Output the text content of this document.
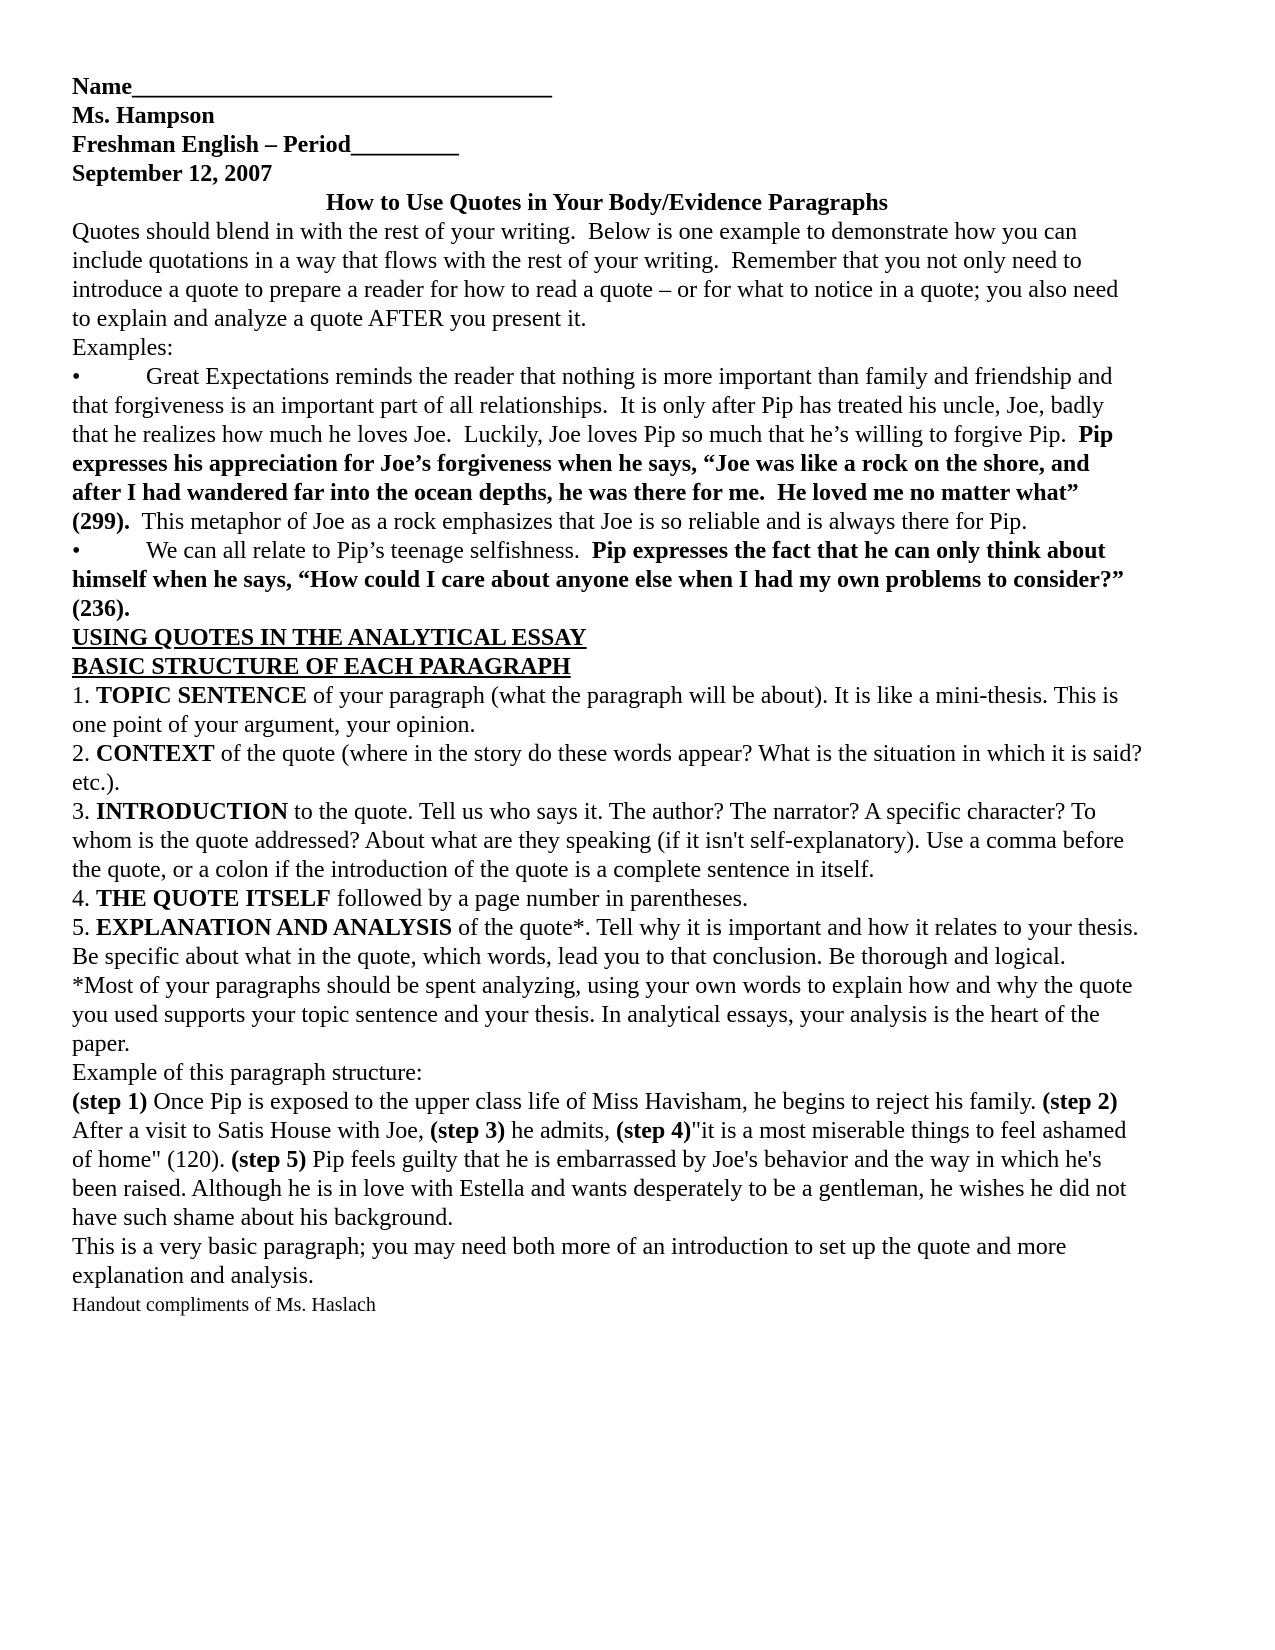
Name___________________________________

Ms. Hampson

Freshman English – Period_________

September 12, 2007

How to Use Quotes in Your Body/Evidence Paragraphs

Quotes should blend in with the rest of your writing.  Below is one example to demonstrate how you can include quotations in a way that flows with the rest of your writing.  Remember that you not only need to introduce a quote to prepare a reader for how to read a quote – or for what to notice in a quote; you also need to explain and analyze a quote AFTER you present it.

Examples:

•	Great Expectations reminds the reader that nothing is more important than family and friendship and that forgiveness is an important part of all relationships.  It is only after Pip has treated his uncle, Joe, badly that he realizes how much he loves Joe.  Luckily, Joe loves Pip so much that he’s willing to forgive Pip.  Pip expresses his appreciation for Joe’s forgiveness when he says, “Joe was like a rock on the shore, and after I had wandered far into the ocean depths, he was there for me.  He loved me no matter what” (299).  This metaphor of Joe as a rock emphasizes that Joe is so reliable and is always there for Pip.

•	We can all relate to Pip’s teenage selfishness.  Pip expresses the fact that he can only think about himself when he says, “How could I care about anyone else when I had my own problems to consider?” (236).

USING QUOTES IN THE ANALYTICAL ESSAY

BASIC STRUCTURE OF EACH PARAGRAPH

1. TOPIC SENTENCE of your paragraph (what the paragraph will be about). It is like a mini-thesis. This is one point of your argument, your opinion.

2. CONTEXT of the quote (where in the story do these words appear? What is the situation in which it is said? etc.).

3. INTRODUCTION to the quote. Tell us who says it. The author? The narrator? A specific character? To whom is the quote addressed? About what are they speaking (if it isn't self-explanatory). Use a comma before the quote, or a colon if the introduction of the quote is a complete sentence in itself.

4. THE QUOTE ITSELF followed by a page number in parentheses.

5. EXPLANATION AND ANALYSIS of the quote*. Tell why it is important and how it relates to your thesis. Be specific about what in the quote, which words, lead you to that conclusion. Be thorough and logical.

*Most of your paragraphs should be spent analyzing, using your own words to explain how and why the quote you used supports your topic sentence and your thesis. In analytical essays, your analysis is the heart of the paper.

Example of this paragraph structure:

(step 1) Once Pip is exposed to the upper class life of Miss Havisham, he begins to reject his family. (step 2) After a visit to Satis House with Joe, (step 3) he admits, (step 4)"it is a most miserable things to feel ashamed of home" (120). (step 5) Pip feels guilty that he is embarrassed by Joe's behavior and the way in which he's been raised. Although he is in love with Estella and wants desperately to be a gentleman, he wishes he did not have such shame about his background.

This is a very basic paragraph; you may need both more of an introduction to set up the quote and more explanation and analysis.

Handout compliments of Ms. Haslach
